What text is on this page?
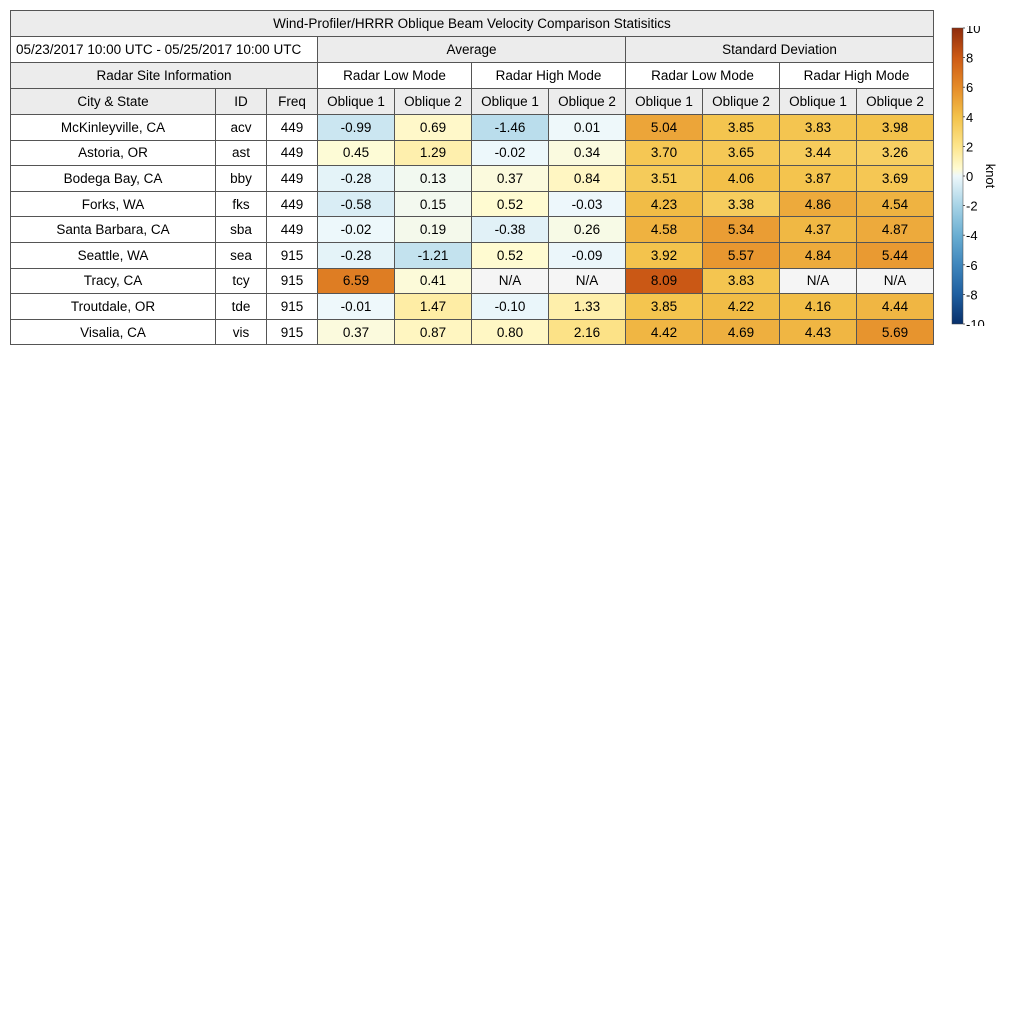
Wind-Profiler/HRRR Oblique Beam Velocity Comparison Statisitics										
05/23/2017 10:00 UTC - 05/25/2017 10:00 UTC			Average				Standard Deviation			
Radar Site Information			Radar Low Mode		Radar High Mode		Radar Low Mode		Radar High Mode	
City & State	ID	Freq	Oblique 1	Oblique 2	Oblique 1	Oblique 2	Oblique 1	Oblique 2	Oblique 1	Oblique 2
McKinleyville, CA	acv	449	-0.99	0.69	-1.46	0.01	5.04	3.85	3.83	3.98
Astoria, OR	ast	449	0.45	1.29	-0.02	0.34	3.70	3.65	3.44	3.26
Bodega Bay, CA	bby	449	-0.28	0.13	0.37	0.84	3.51	4.06	3.87	3.69
Forks, WA	fks	449	-0.58	0.15	0.52	-0.03	4.23	3.38	4.86	4.54
Santa Barbara, CA	sba	449	-0.02	0.19	-0.38	0.26	4.58	5.34	4.37	4.87
Seattle, WA	sea	915	-0.28	-1.21	0.52	-0.09	3.92	5.57	4.84	5.44
Tracy, CA	tcy	915	6.59	0.41	N/A	N/A	8.09	3.83	N/A	N/A
Troutdale, OR	tde	915	-0.01	1.47	-0.10	1.33	3.85	4.22	4.16	4.44
Visalia, CA	vis	915	0.37	0.87	0.80	2.16	4.42	4.69	4.43	5.69
10
8
6
4
2
0
-2
-4
-6
-8
-10
knot
